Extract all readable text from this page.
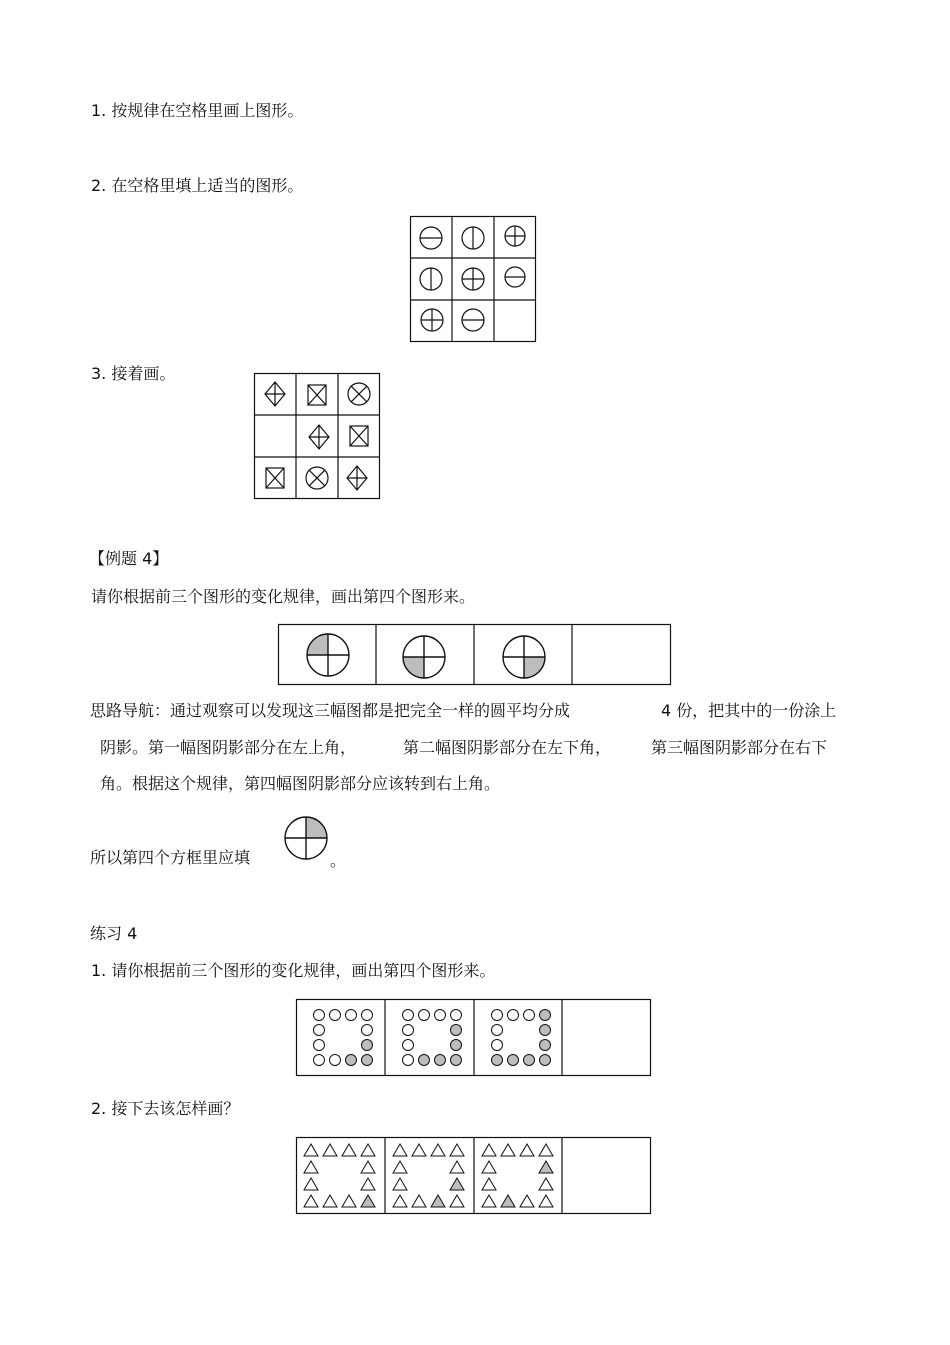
1. 按规律在空格里画上图形。
2. 在空格里填上适当的图形。
3. 接着画。
【例题 4】
请你根据前三个图形的变化规律，画出第四个图形来。
思路导航：通过观察可以发现这三幅图都是把完全一样的圆平均分成	4 份，把其中的一份涂上
阴影。第一幅图阴影部分在左上角，	第二幅图阴影部分在左下角， 第三幅图阴影部分在右下
角。根据这个规律，第四幅图阴影部分应该转到右上角。
所以第四个方框里应填	。
练习 4
1. 请你根据前三个图形的变化规律，画出第四个图形来。
2. 接下去该怎样画？
